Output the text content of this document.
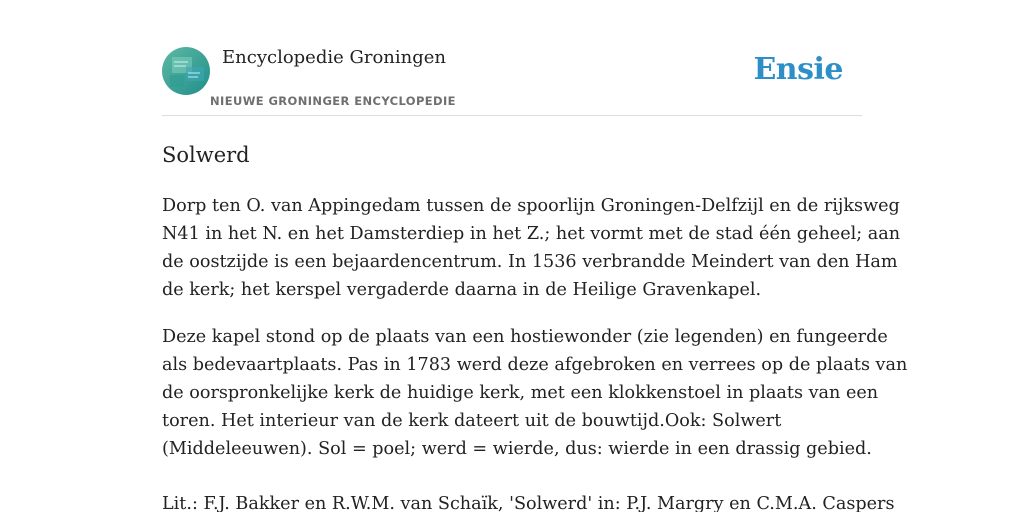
Encyclopedie Groningen
NIEUWE GRONINGER ENCYCLOPEDIE
Ensie
Solwerd

Dorp ten O. van Appingedam tussen de spoorlijn Groningen-Delfzijl en de rijksweg
N41 in het N. en het Damsterdiep in het Z.; het vormt met de stad één geheel; aan
de oostzijde is een bejaardencentrum. In 1536 verbrandde Meindert van den Ham
de kerk; het kerspel vergaderde daarna in de Heilige Gravenkapel.

Deze kapel stond op de plaats van een hostiewonder (zie legenden) en fungeerde
als bedevaartplaats. Pas in 1783 werd deze afgebroken en verrees op de plaats van
de oorspronkelijke kerk de huidige kerk, met een klokkenstoel in plaats van een
toren. Het interieur van de kerk dateert uit de bouwtijd.Ook: Solwert
(Middeleeuwen). Sol = poel; werd = wierde, dus: wierde in een drassig gebied.

Lit.: F.J. Bakker en R.W.M. van Schaïk, 'Solwerd' in: P.J. Margry en C.M.A. Caspers
